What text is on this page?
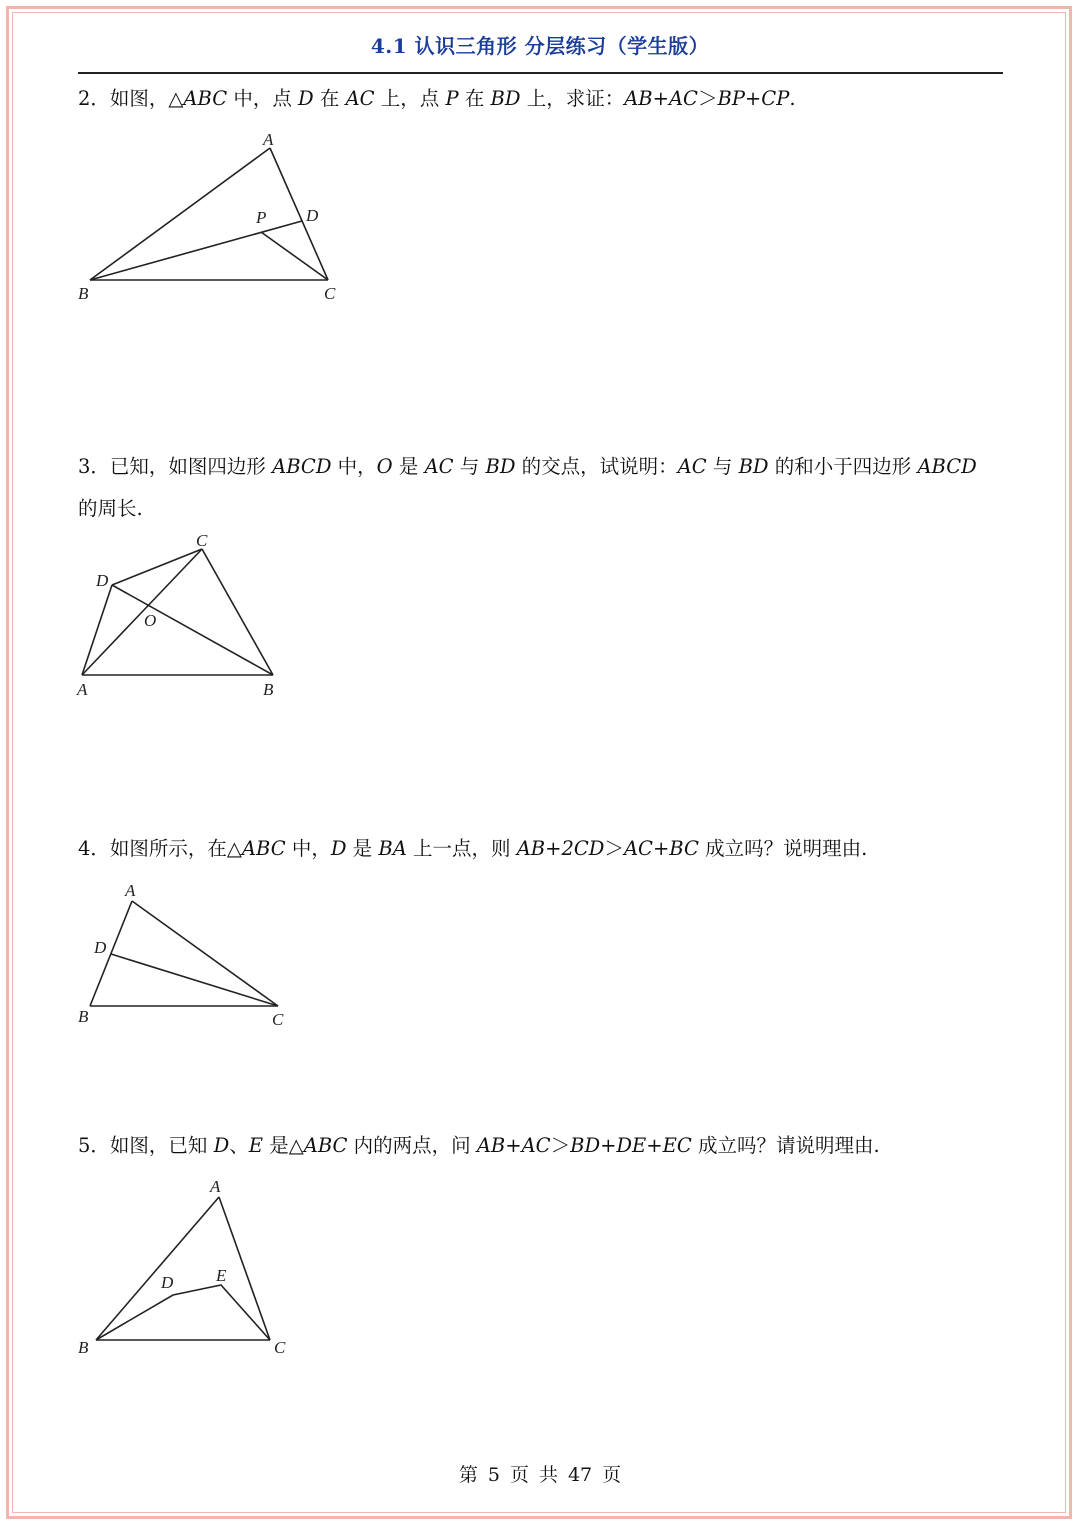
4.1 认识三角形 分层练习（学生版）
2．如图，△ABC 中，点 D 在 AC 上，点 P 在 BD 上，求证：AB+AC＞BP+CP.
A
B	C
D
P
3．已知，如图四边形 ABCD 中，O 是 AC 与 BD 的交点，试说明：AC 与 BD 的和小于四边形 ABCD
的周长.
C
D
O
A	B
4．如图所示，在△ABC 中，D 是 BA 上一点，则 AB+2CD＞AC+BC 成立吗？说明理由.
A
D
B	C
5．如图，已知 D、E 是△ABC 内的两点，问 AB+AC＞BD+DE+EC 成立吗？请说明理由.
A
D	E
B	C
第 5 页 共 47 页
